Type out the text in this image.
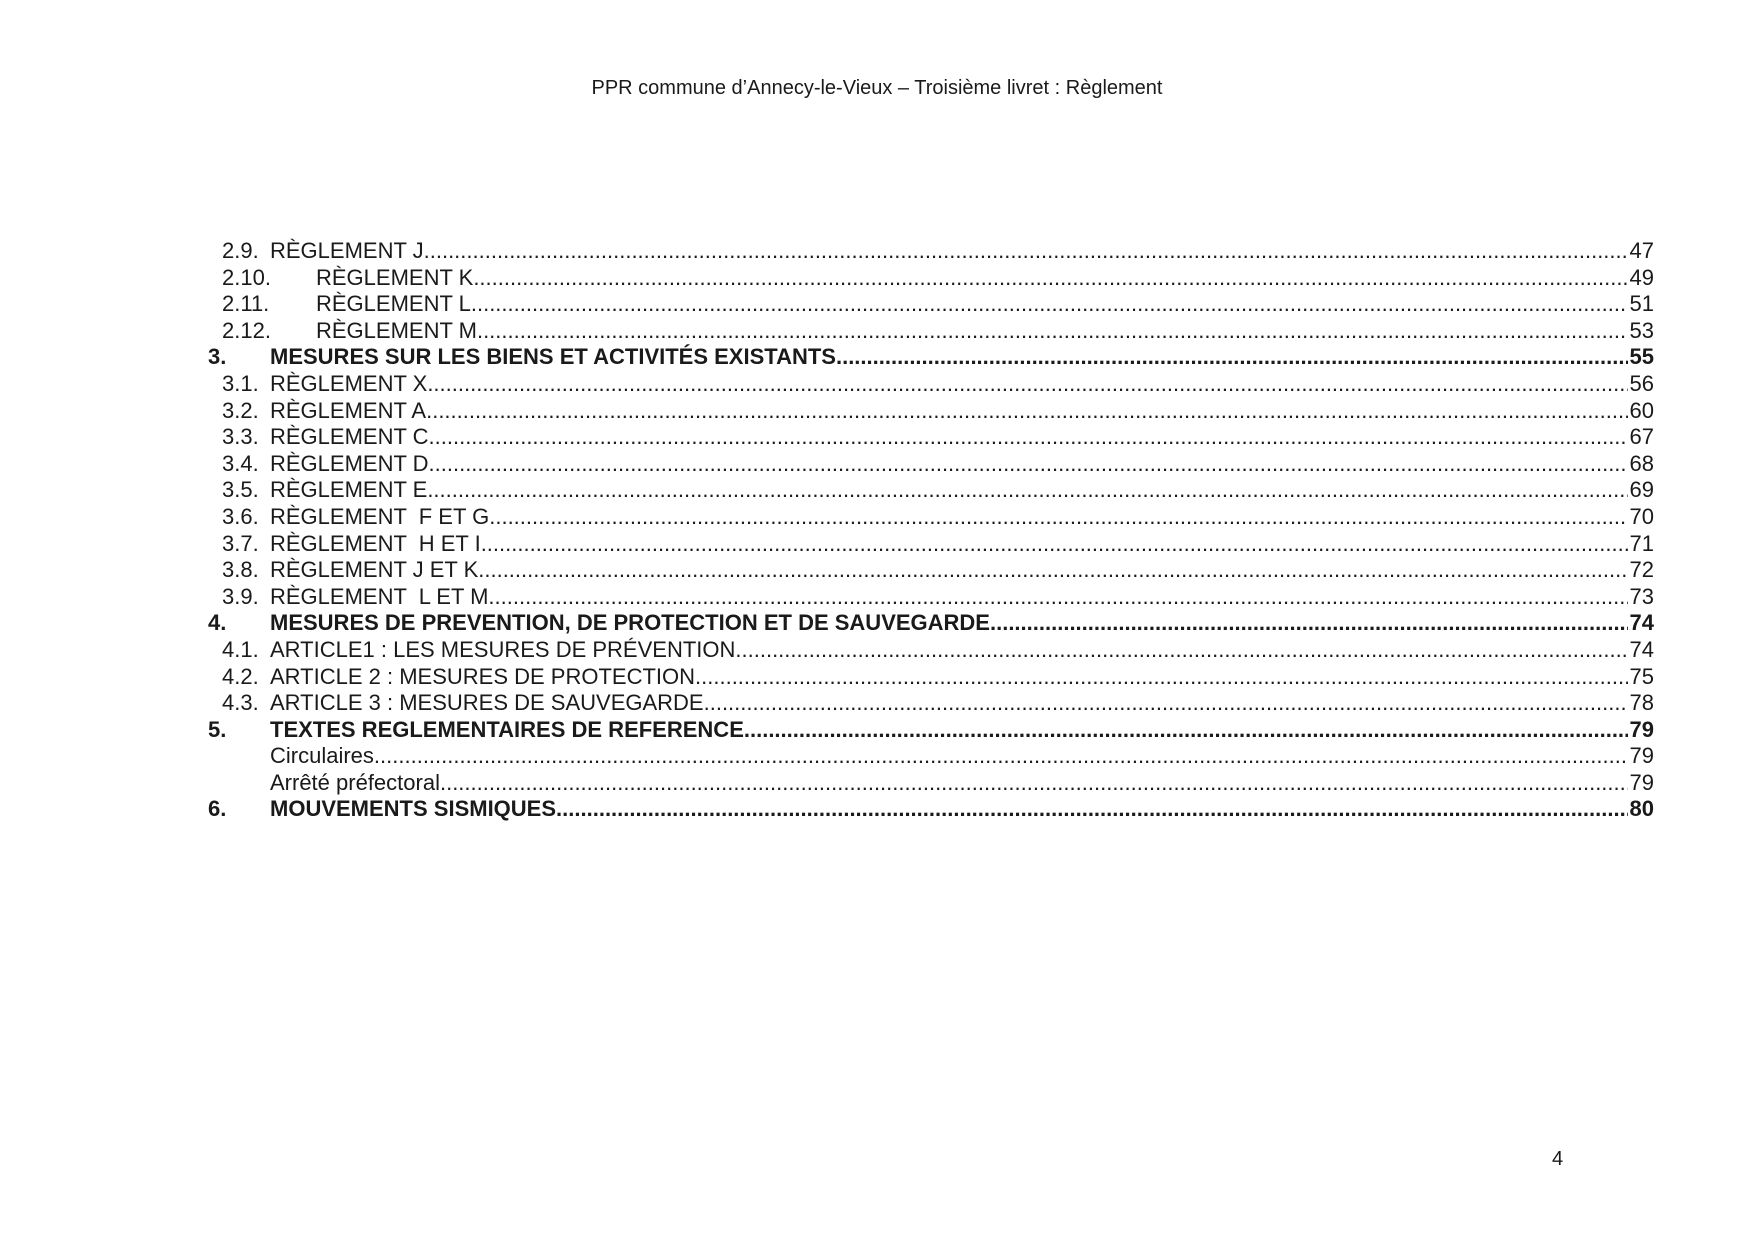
PPR commune d’Annecy-le-Vieux – Troisième livret : Règlement
2.9. RÈGLEMENT J .....	47
2.10. RÈGLEMENT K .....	49
2.11. RÈGLEMENT L .....	51
2.12. RÈGLEMENT M .....	53
3. MESURES SUR LES BIENS ET ACTIVITÉS EXISTANTS .....	55
3.1. RÈGLEMENT X .....	56
3.2. RÈGLEMENT A .....	60
3.3. RÈGLEMENT C .....	67
3.4. RÈGLEMENT D .....	68
3.5. RÈGLEMENT E .....	69
3.6. RÈGLEMENT  F ET G .....	70
3.7. RÈGLEMENT  H ET I .....	71
3.8. RÈGLEMENT J ET K .....	72
3.9. RÈGLEMENT  L ET M .....	73
4. MESURES DE PREVENTION, DE PROTECTION ET DE SAUVEGARDE .....	74
4.1. ARTICLE1 : LES MESURES DE PRÉVENTION .....	74
4.2. ARTICLE 2 : MESURES DE PROTECTION .....	75
4.3. ARTICLE 3 : MESURES DE SAUVEGARDE .....	78
5. TEXTES REGLEMENTAIRES DE REFERENCE .....	79
Circulaires .....	79
Arrêté préfectoral .....	79
6. MOUVEMENTS SISMIQUES .....	80
4
